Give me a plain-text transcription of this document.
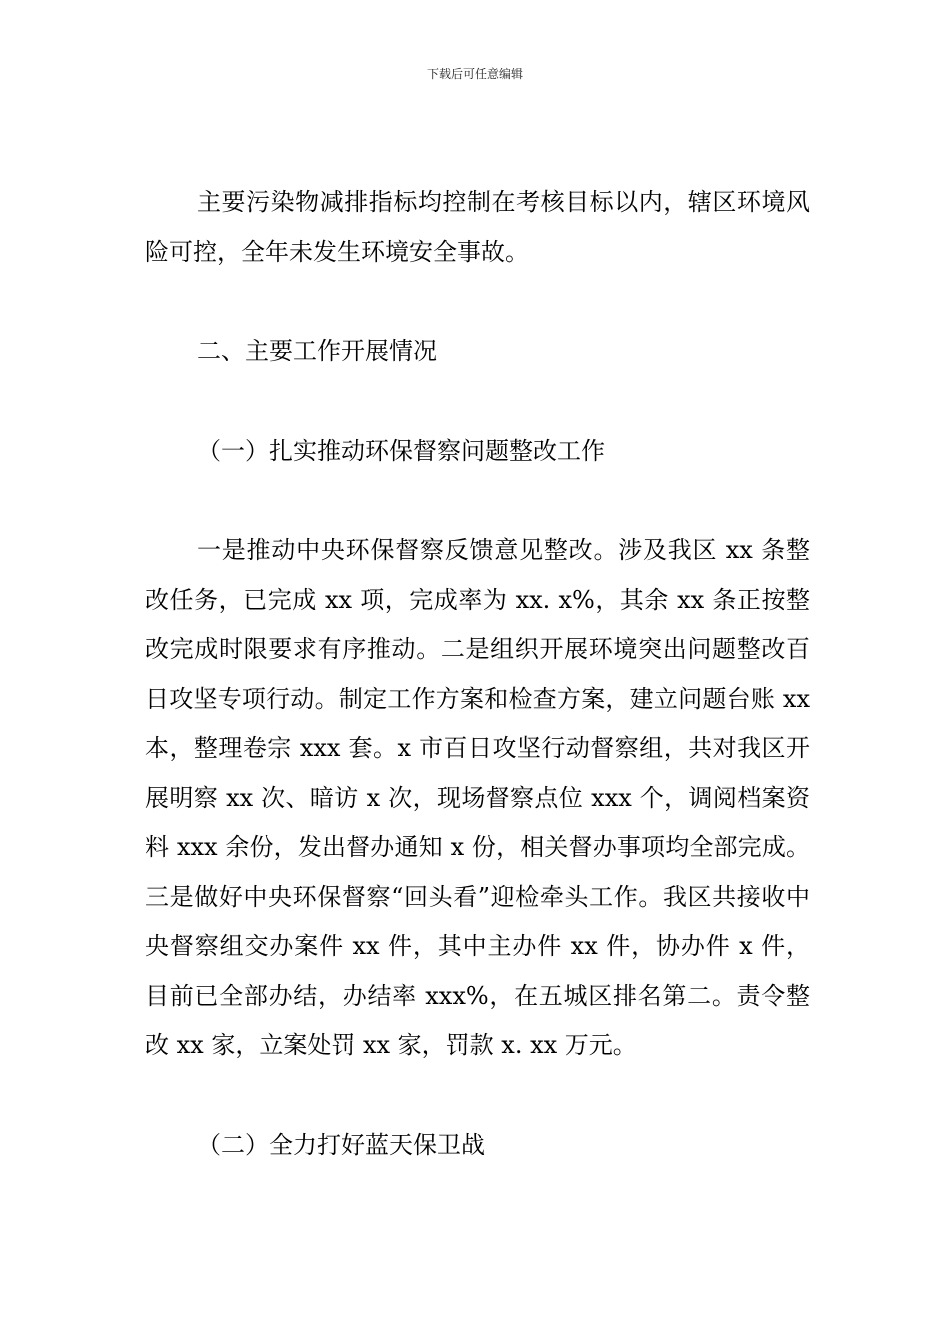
下载后可任意编辑

主要污染物减排指标均控制在考核目标以内，辖区环境风险可控，全年未发生环境安全事故。

二、主要工作开展情况

（一）扎实推动环保督察问题整改工作

一是推动中央环保督察反馈意见整改。涉及我区 xx 条整改任务，已完成 xx 项，完成率为 xx. x%，其余 xx 条正按整改完成时限要求有序推动。二是组织开展环境突出问题整改百日攻坚专项行动。制定工作方案和检查方案，建立问题台账 xx 本，整理卷宗 xxx 套。x 市百日攻坚行动督察组，共对我区开展明察 xx 次、暗访 x 次，现场督察点位 xxx 个，调阅档案资料 xxx 余份，发出督办通知 x 份，相关督办事项均全部完成。三是做好中央环保督察“回头看”迎检牵头工作。我区共接收中央督察组交办案件 xx 件，其中主办件 xx 件，协办件 x 件，目前已全部办结，办结率 xxx%，在五城区排名第二。责令整改 xx 家，立案处罚 xx 家，罚款 x. xx 万元。

（二）全力打好蓝天保卫战
